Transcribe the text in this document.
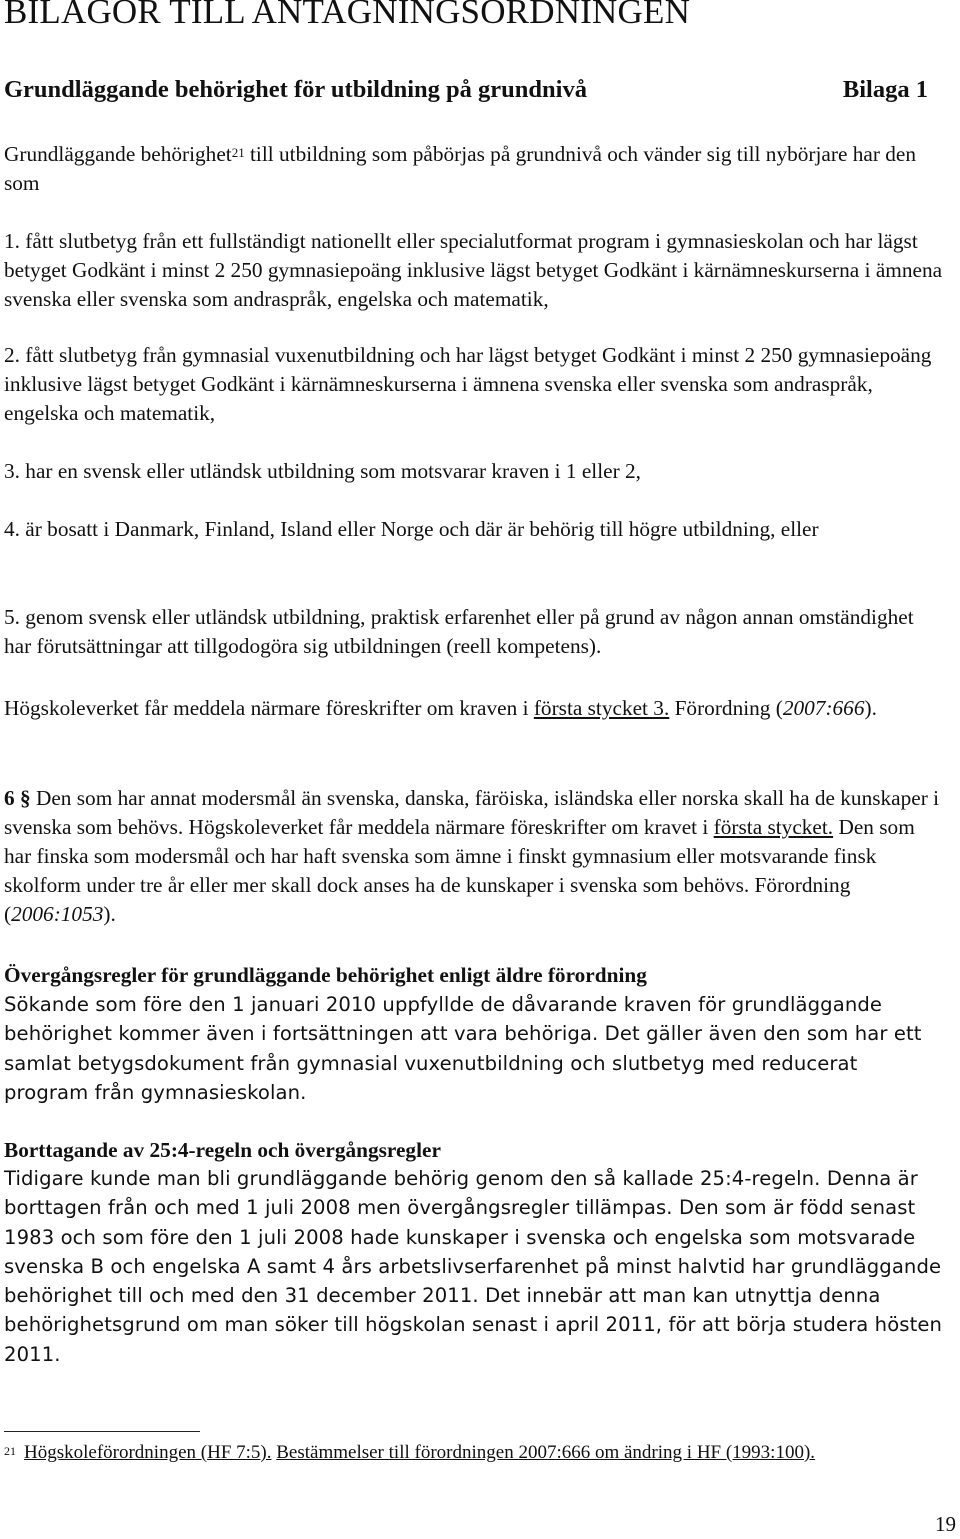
BILAGOR TILL ANTAGNINGSORDNINGEN
Grundläggande behörighet för utbildning på grundnivå	Bilaga 1
Grundläggande behörighet$^{21}$ till utbildning som påbörjas på grundnivå och vänder sig till nybörjare har den som
1. fått slutbetyg från ett fullständigt nationellt eller specialutformat program i gymnasieskolan och har lägst betyget Godkänt i minst 2 250 gymnasiepoäng inklusive lägst betyget Godkänt i kärnämneskurserna i ämnena svenska eller svenska som andraspråk, engelska och matematik,
2. fått slutbetyg från gymnasial vuxenutbildning och har lägst betyget Godkänt i minst 2 250 gymnasiepoäng inklusive lägst betyget Godkänt i kärnämneskurserna i ämnena svenska eller svenska som andraspråk, engelska och matematik,
3. har en svensk eller utländsk utbildning som motsvarar kraven i 1 eller 2,
4. är bosatt i Danmark, Finland, Island eller Norge och där är behörig till högre utbildning, eller
5. genom svensk eller utländsk utbildning, praktisk erfarenhet eller på grund av någon annan omständighet har förutsättningar att tillgodogöra sig utbildningen (reell kompetens).
Högskoleverket får meddela närmare föreskrifter om kraven i första stycket 3. Förordning (2007:666).
6 § Den som har annat modersmål än svenska, danska, färöiska, isländska eller norska skall ha de kunskaper i svenska som behövs. Högskoleverket får meddela närmare föreskrifter om kravet i första stycket. Den som har finska som modersmål och har haft svenska som ämne i finskt gymnasium eller motsvarande finsk skolform under tre år eller mer skall dock anses ha de kunskaper i svenska som behövs. Förordning (2006:1053).
Övergångsregler för grundläggande behörighet enligt äldre förordning
Sökande som före den 1 januari 2010 uppfyllde de dåvarande kraven för grundläggande behörighet kommer även i fortsättningen att vara behöriga. Det gäller även den som har ett samlat betygsdokument från gymnasial vuxenutbildning och slutbetyg med reducerat program från gymnasieskolan.
Borttagande av 25:4-regeln och övergångsregler
Tidigare kunde man bli grundläggande behörig genom den så kallade 25:4-regeln. Denna är borttagen från och med 1 juli 2008 men övergångsregler tillämpas. Den som är född senast 1983 och som före den 1 juli 2008 hade kunskaper i svenska och engelska som motsvarade svenska B och engelska A samt 4 års arbetslivserfarenhet på minst halvtid har grundläggande behörighet till och med den 31 december 2011. Det innebär att man kan utnyttja denna behörighetsgrund om man söker till högskolan senast i april 2011, för att börja studera hösten 2011.
$^{21}$ Högskoleförordningen (HF 7:5). Bestämmelser till förordningen 2007:666 om ändring i HF (1993:100).
19
